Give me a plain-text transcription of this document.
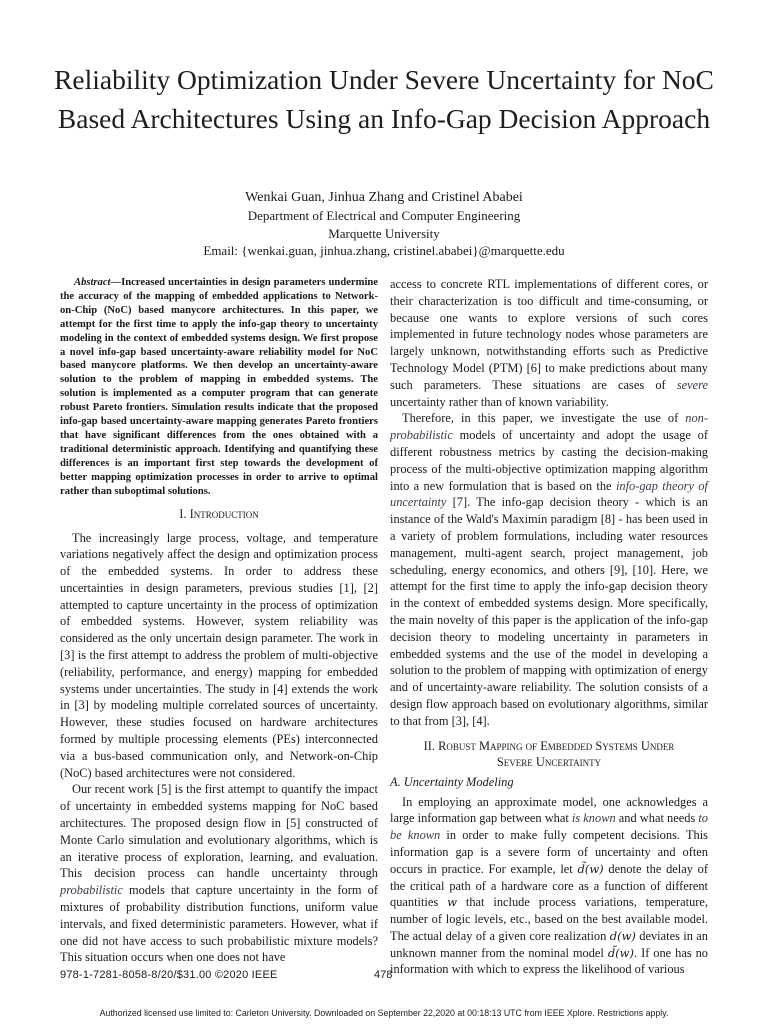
Reliability Optimization Under Severe Uncertainty for NoC Based Architectures Using an Info-Gap Decision Approach
Wenkai Guan, Jinhua Zhang and Cristinel Ababei
Department of Electrical and Computer Engineering
Marquette University
Email: {wenkai.guan, jinhua.zhang, cristinel.ababei}@marquette.edu

Abstract—Increased uncertainties in design parameters undermine the accuracy of the mapping of embedded applications to Network-on-Chip (NoC) based manycore architectures. In this paper, we attempt for the first time to apply the info-gap theory to uncertainty modeling in the context of embedded systems design. We first propose a novel info-gap based uncertainty-aware reliability model for NoC based manycore platforms. We then develop an uncertainty-aware solution to the problem of mapping in embedded systems. The solution is implemented as a computer program that can generate robust Pareto frontiers. Simulation results indicate that the proposed info-gap based uncertainty-aware mapping generates Pareto frontiers that have significant differences from the ones obtained with a traditional deterministic approach. Identifying and quantifying these differences is an important first step towards the development of better mapping optimization processes in order to arrive to optimal rather than suboptimal solutions.

I. Introduction

The increasingly large process, voltage, and temperature variations negatively affect the design and optimization process of the embedded systems. In order to address these uncertainties in design parameters, previous studies [1], [2] attempted to capture uncertainty in the process of optimization of embedded systems. However, system reliability was considered as the only uncertain design parameter. The work in [3] is the first attempt to address the problem of multi-objective (reliability, performance, and energy) mapping for embedded systems under uncertainties. The study in [4] extends the work in [3] by modeling multiple correlated sources of uncertainty. However, these studies focused on hardware architectures formed by multiple processing elements (PEs) interconnected via a bus-based communication only, and Network-on-Chip (NoC) based architectures were not considered.

Our recent work [5] is the first attempt to quantify the impact of uncertainty in embedded systems mapping for NoC based architectures. The proposed design flow in [5] constructed of Monte Carlo simulation and evolutionary algorithms, which is an iterative process of exploration, learning, and evaluation. This decision process can handle uncertainty through probabilistic models that capture uncertainty in the form of mixtures of probability distribution functions, uniform value intervals, and fixed deterministic parameters. However, what if one did not have access to such probabilistic mixture models? This situation occurs when one does not have

access to concrete RTL implementations of different cores, or their characterization is too difficult and time-consuming, or because one wants to explore versions of such cores implemented in future technology nodes whose parameters are largely unknown, notwithstanding efforts such as Predictive Technology Model (PTM) [6] to make predictions about many such parameters. These situations are cases of severe uncertainty rather than of known variability.

Therefore, in this paper, we investigate the use of non-probabilistic models of uncertainty and adopt the usage of different robustness metrics by casting the decision-making process of the multi-objective optimization mapping algorithm into a new formulation that is based on the info-gap theory of uncertainty [7]. The info-gap decision theory - which is an instance of the Wald's Maximin paradigm [8] - has been used in a variety of problem formulations, including water resources management, multi-agent search, project management, job scheduling, energy economics, and others [9], [10]. Here, we attempt for the first time to apply the info-gap decision theory in the context of embedded systems design. More specifically, the main novelty of this paper is the application of the info-gap decision theory to modeling uncertainty in parameters in embedded systems and the use of the model in developing a solution to the problem of mapping with optimization of energy and of uncertainty-aware reliability. The solution consists of a design flow approach based on evolutionary algorithms, similar to that from [3], [4].

II. Robust Mapping of Embedded Systems Under
Severe Uncertainty
A. Uncertainty Modeling

In employing an approximate model, one acknowledges a large information gap between what is known and what needs to be known in order to make fully competent decisions. This information gap is a severe form of uncertainty and often occurs in practice. For example, let d̃(w) denote the delay of the critical path of a hardware core as a function of different quantities w that include process variations, temperature, number of logic levels, etc., based on the best available model. The actual delay of a given core realization d(w) deviates in an unknown manner from the nominal model d̃(w). If one has no information with which to express the likelihood of various

978-1-7281-8058-8/20/$31.00 ©2020 IEEE	478
Authorized licensed use limited to: Carleton University. Downloaded on September 22,2020 at 00:18:13 UTC from IEEE Xplore. Restrictions apply.
